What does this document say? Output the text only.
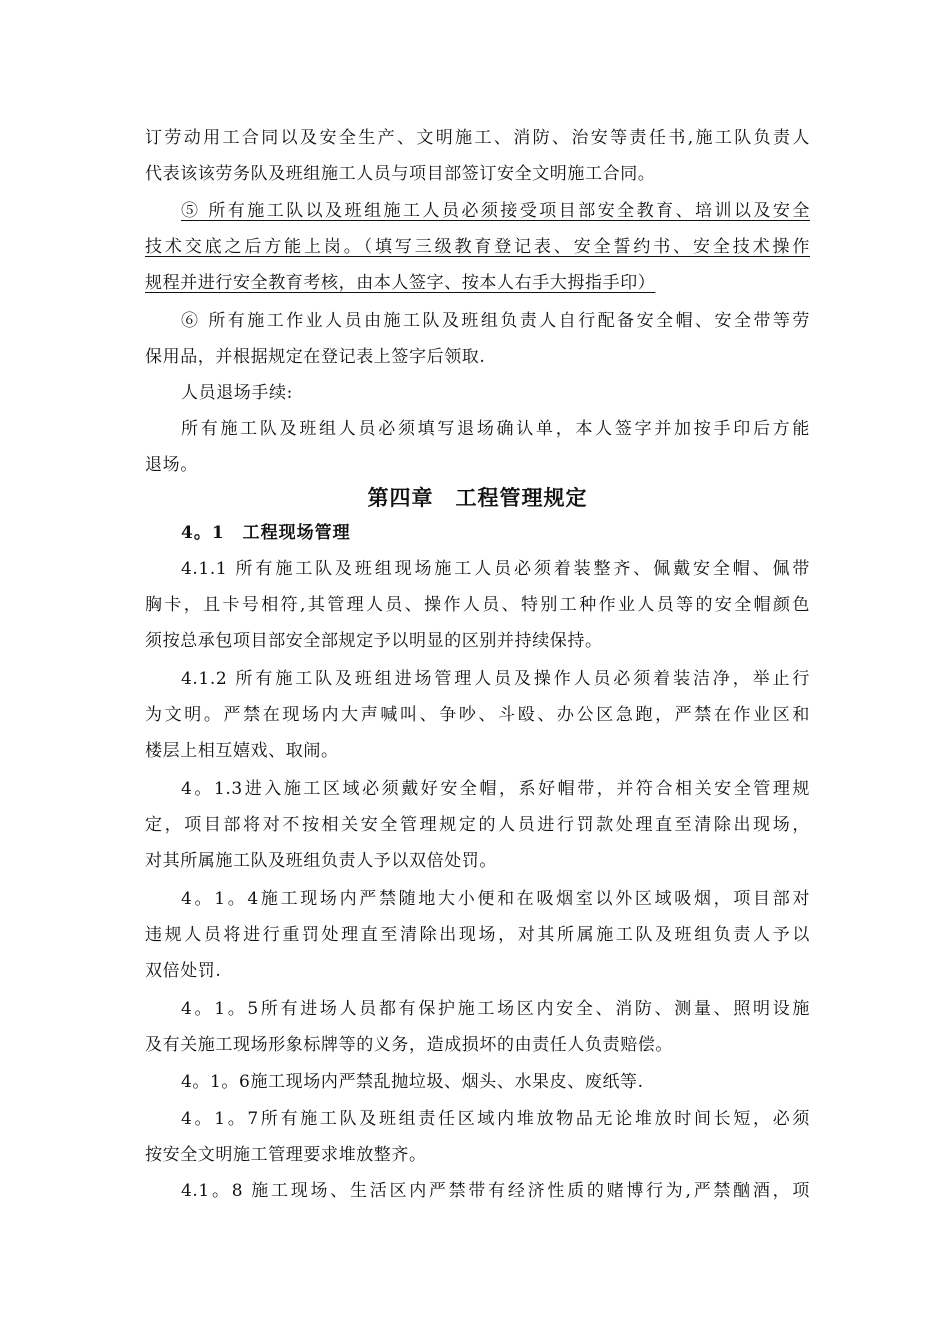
订劳动用工合同以及安全生产、文明施工、消防、治安等责任书,施工队负责人
代表该该劳务队及班组施工人员与项目部签订安全文明施工合同。
⑤ 所有施工队以及班组施工人员必须接受项目部安全教育、培训以及安全
技术交底之后方能上岗。（填写三级教育登记表、安全誓约书、安全技术操作
规程并进行安全教育考核，由本人签字、按本人右手大拇指手印）
⑥ 所有施工作业人员由施工队及班组负责人自行配备安全帽、安全带等劳
保用品，并根据规定在登记表上签字后领取.
人员退场手续:
所有施工队及班组人员必须填写退场确认单，本人签字并加按手印后方能
退场。
第四章　工程管理规定
4。1　工程现场管理
4.1.1 所有施工队及班组现场施工人员必须着装整齐、佩戴安全帽、佩带
胸卡，且卡号相符,其管理人员、操作人员、特别工种作业人员等的安全帽颜色
须按总承包项目部安全部规定予以明显的区别并持续保持。
4.1.2 所有施工队及班组进场管理人员及操作人员必须着装洁净，举止行
为文明。严禁在现场内大声喊叫、争吵、斗殴、办公区急跑，严禁在作业区和
楼层上相互嬉戏、取闹。
4。1.3进入施工区域必须戴好安全帽，系好帽带，并符合相关安全管理规
定，项目部将对不按相关安全管理规定的人员进行罚款处理直至清除出现场，
对其所属施工队及班组负责人予以双倍处罚。
4。1。4施工现场内严禁随地大小便和在吸烟室以外区域吸烟，项目部对
违规人员将进行重罚处理直至清除出现场，对其所属施工队及班组负责人予以
双倍处罚.
4。1。5所有进场人员都有保护施工场区内安全、消防、测量、照明设施
及有关施工现场形象标牌等的义务，造成损坏的由责任人负责赔偿。
4。1。6施工现场内严禁乱抛垃圾、烟头、水果皮、废纸等.
4。1。7所有施工队及班组责任区域内堆放物品无论堆放时间长短，必须
按安全文明施工管理要求堆放整齐。
4.1。8 施工现场、生活区内严禁带有经济性质的赌博行为,严禁酗酒，项
